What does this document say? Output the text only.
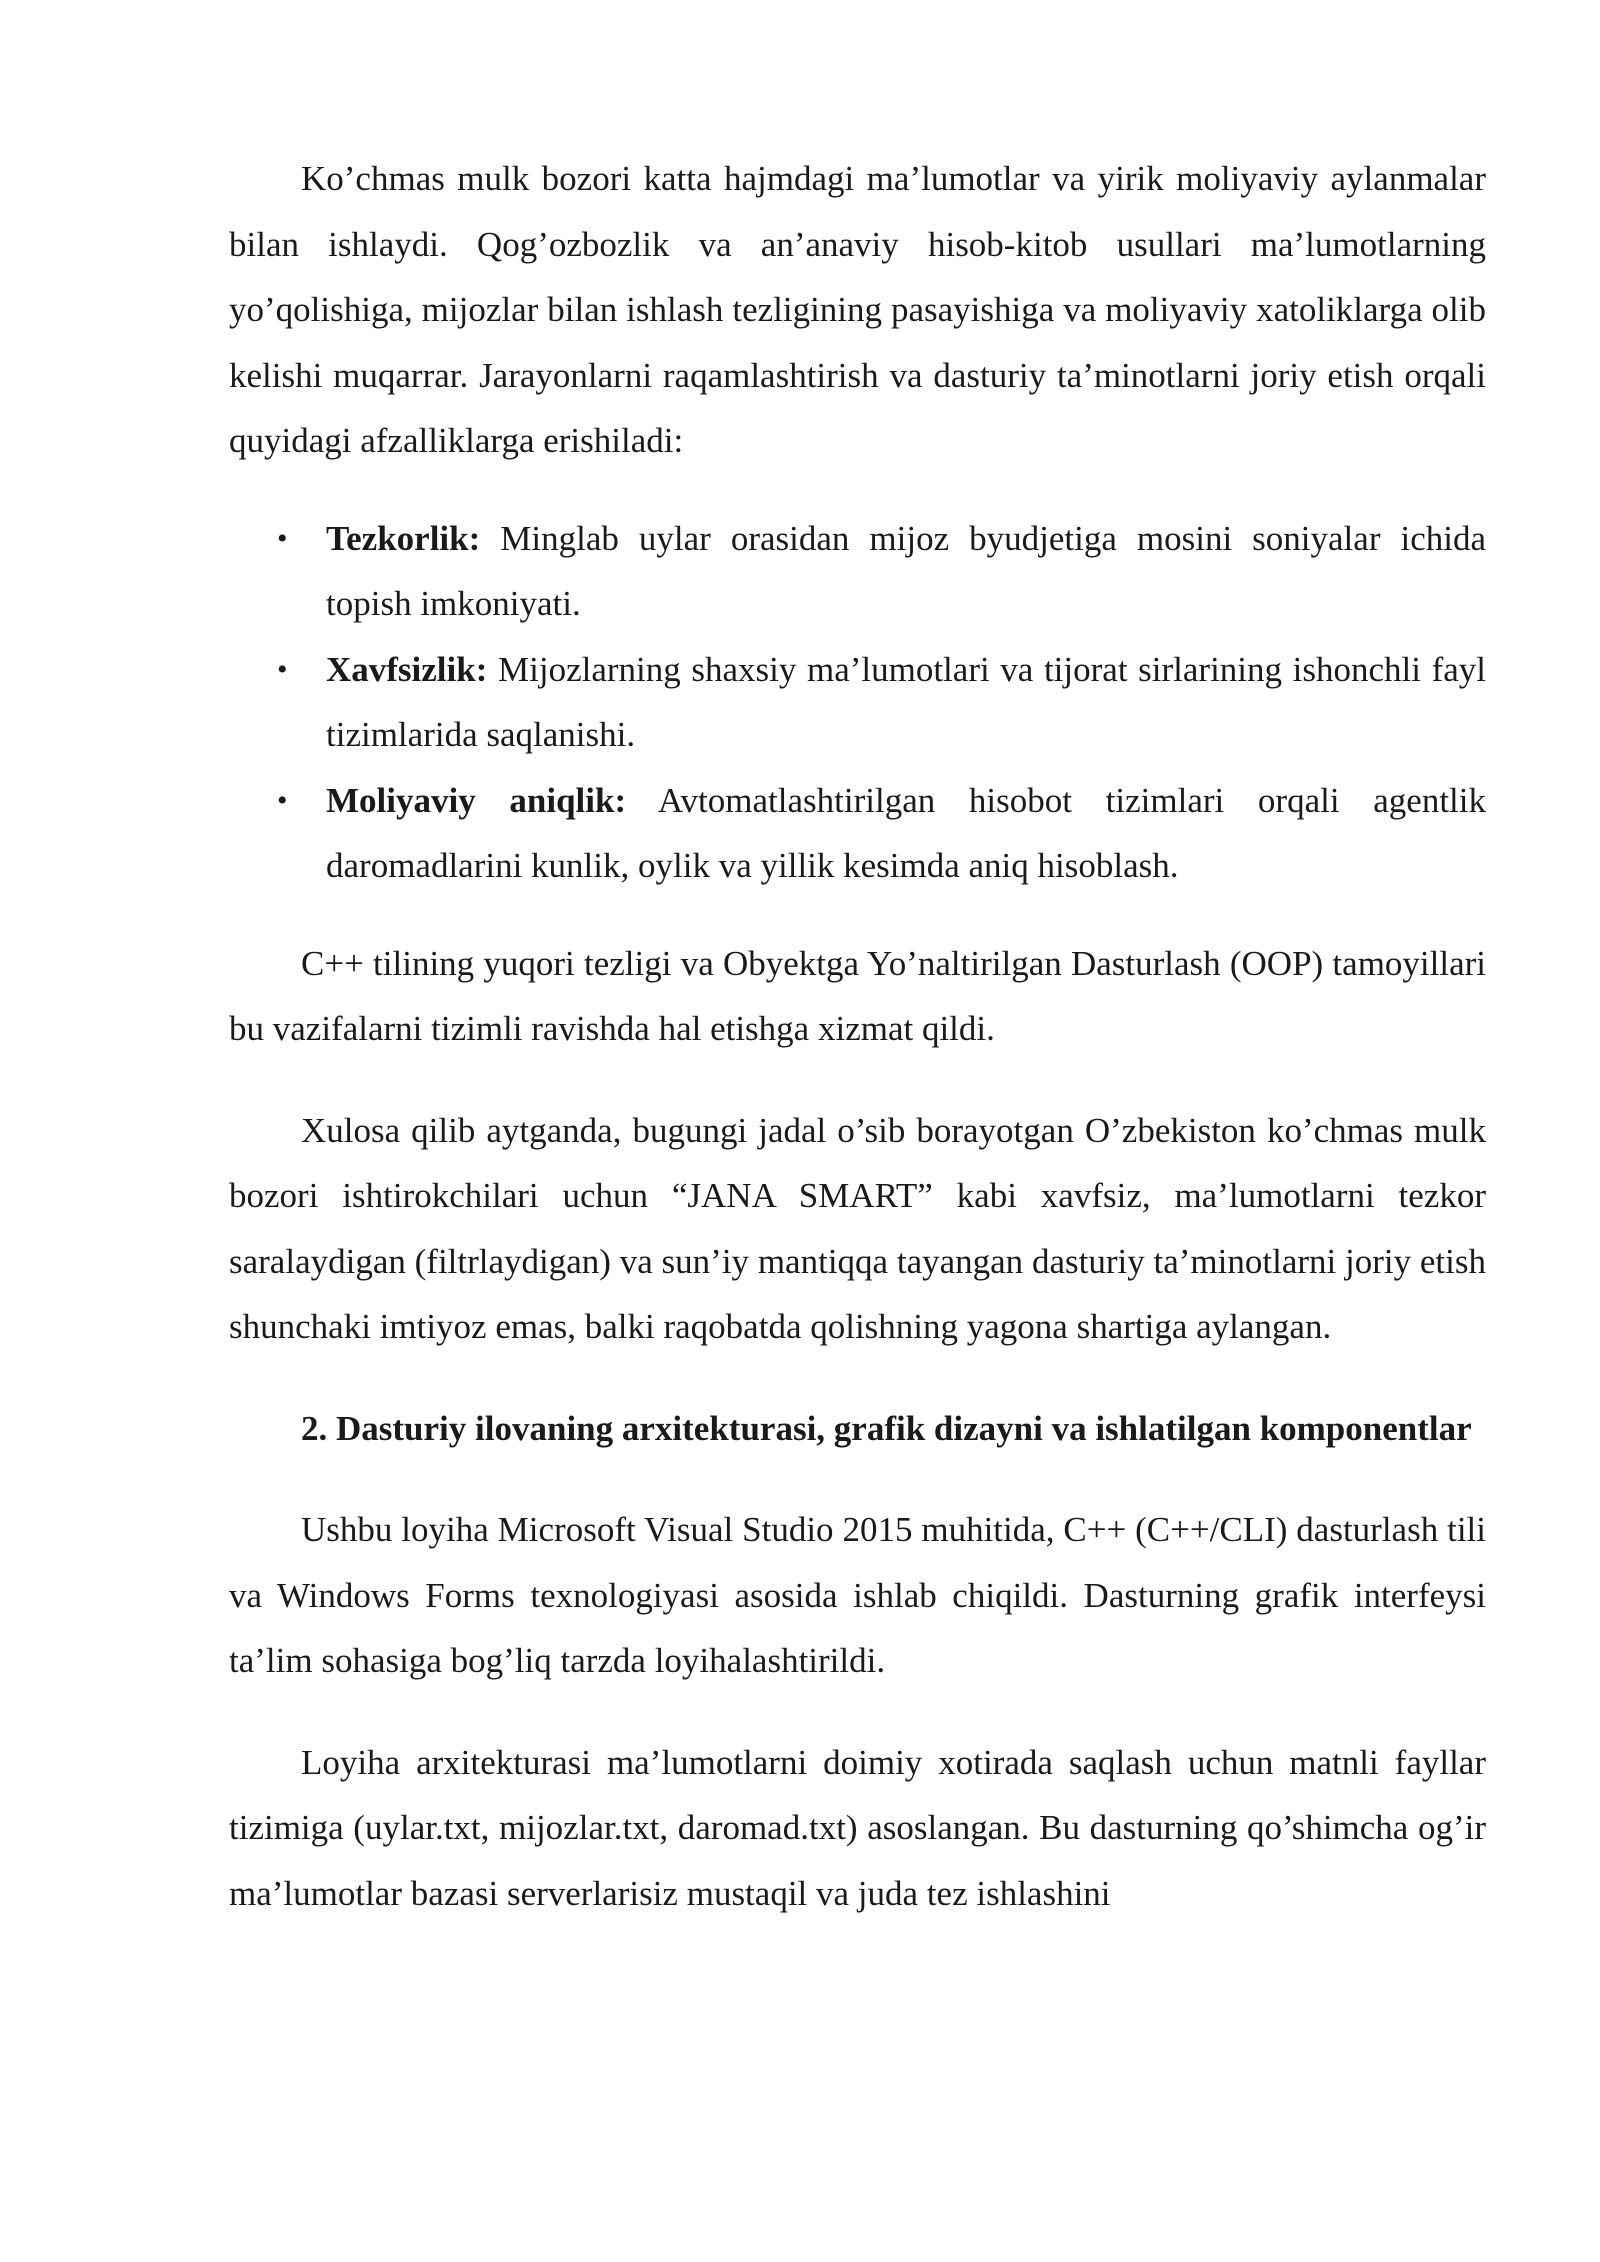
Ko’chmas mulk bozori katta hajmdagi ma’lumotlar va yirik moliyaviy aylanmalar bilan ishlaydi. Qog’ozbozlik va an’anaviy hisob-kitob usullari ma’lumotlarning yo’qolishiga, mijozlar bilan ishlash tezligining pasayishiga va moliyaviy xatoliklarga olib kelishi muqarrar. Jarayonlarni raqamlashtirish va dasturiy ta’minotlarni joriy etish orqali quyidagi afzalliklarga erishiladi:

• Tezkorlik: Minglab uylar orasidan mijoz byudjetiga mosini soniyalar ichida topish imkoniyati.
• Xavfsizlik: Mijozlarning shaxsiy ma’lumotlari va tijorat sirlarining ishonchli fayl tizimlarida saqlanishi.
• Moliyaviy aniqlik: Avtomatlashtirilgan hisobot tizimlari orqali agentlik daromadlarini kunlik, oylik va yillik kesimda aniq hisoblash.

C++ tilining yuqori tezligi va Obyektga Yo’naltirilgan Dasturlash (OOP) tamoyillari bu vazifalarni tizimli ravishda hal etishga xizmat qildi.

Xulosa qilib aytganda, bugungi jadal o’sib borayotgan O’zbekiston ko’chmas mulk bozori ishtirokchilari uchun “JANA SMART” kabi xavfsiz, ma’lumotlarni tezkor saralaydigan (filtrlaydigan) va sun’iy mantiqqa tayangan dasturiy ta’minotlarni joriy etish shunchaki imtiyoz emas, balki raqobatda qolishning yagona shartiga aylangan.

2. Dasturiy ilovaning arxitekturasi, grafik dizayni va ishlatilgan komponentlar

Ushbu loyiha Microsoft Visual Studio 2015 muhitida, C++ (C++/CLI) dasturlash tili va Windows Forms texnologiyasi asosida ishlab chiqildi. Dasturning grafik interfeysi ta’lim sohasiga bog’liq tarzda loyihalashtirildi.

Loyiha arxitekturasi ma’lumotlarni doimiy xotirada saqlash uchun matnli fayllar tizimiga (uylar.txt, mijozlar.txt, daromad.txt) asoslangan. Bu dasturning qo’shimcha og’ir ma’lumotlar bazasi serverlarisiz mustaqil va juda tez ishlashini
